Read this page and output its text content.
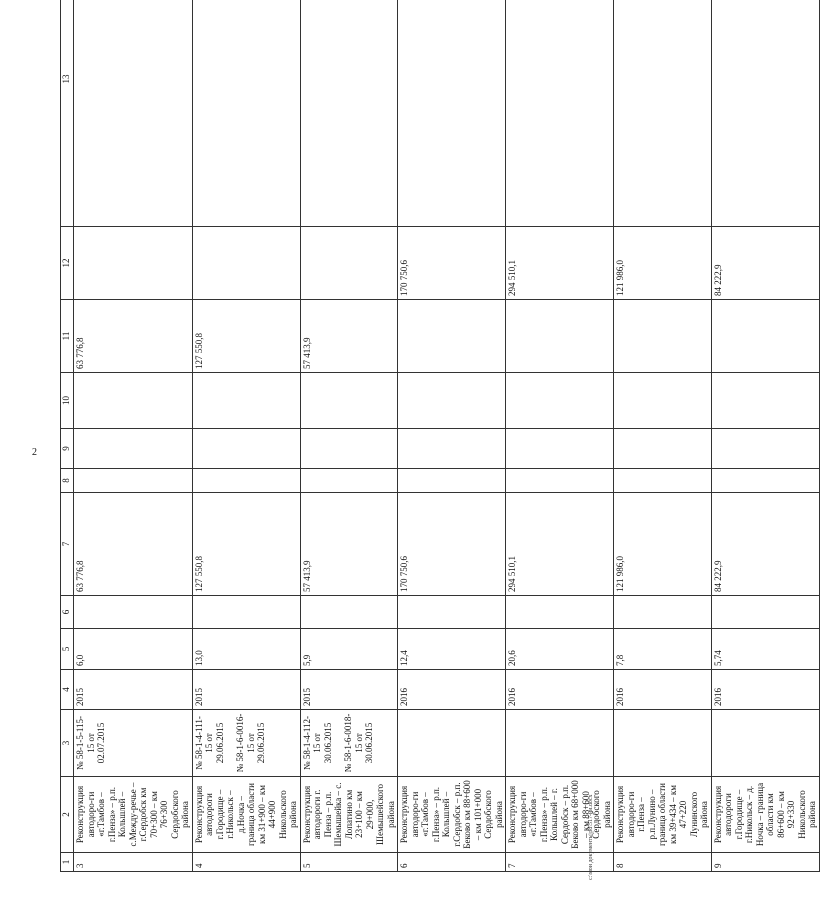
2
1	2	3	4	5	6	7	8	9	10	11	12	13
3	Реконструкция автодоро-ги «г.Тамбов – г.Пенза» – р.п. Кольшлей – с.Между-речье – г.Сердобск км 70+300 – км 76+300 Сердобского района	№ 58-1-5-115-15 от 02.07.2015	2015	6,0		63 776,8				63 776,8		
4	Реконструкция автодороги г.Городище – г.Никольск – д.Ночка – граница области км 31+900 – км 44+900 Никольского района	№ 58-1-4-111-15 от 29.06.2015 № 58-1-6-0016-15 от 29.06.2015	2015	13,0		127 550,8				127 550,8		
5	Реконструкция автодороги г. Пенза – р.п. Шемышейка – с. Лопатино км 23+100 – км 29+000, Шемышейского района	№ 58-1-4-112-15 от 30.06.2015 № 58-1-6-0018-15 от 30.06.2015	2015	5,9		57 413,9				57 413,9		
6	Реконструкция автодоро-ги «г.Тамбов – г.Пенза» – р.п. Кольшлей – г.Сердобск – р.п. Беково км 88+600 – км 101+000 Сердобского района		2016	12,4		170 750,6					170 750,6	
7	Реконструкция автодоро-ги «г.Тамбов – г.Пенза» – р.п. Кольшлей – г. Сердобск – р.п. Беково км 68+000 – км 88+600 Сердобского района		2016	20,6		294 510,1					294 510,1	
8	Реконструкция автодоро-ги г.Пенза – р.п.Лунино – граница области км 39+434 – км 47+220 Лунинского района		2016	7,8		121 986,0					121 986,0	
9	Реконструкция автодороги г.Городище – г.Никольск – д. Ночка – граница области км 86+600 – км 92+330 Никольского района		2016	5,74		84 222,9					84 222,9	
c:\мои документы\pd\517-ии.docx
